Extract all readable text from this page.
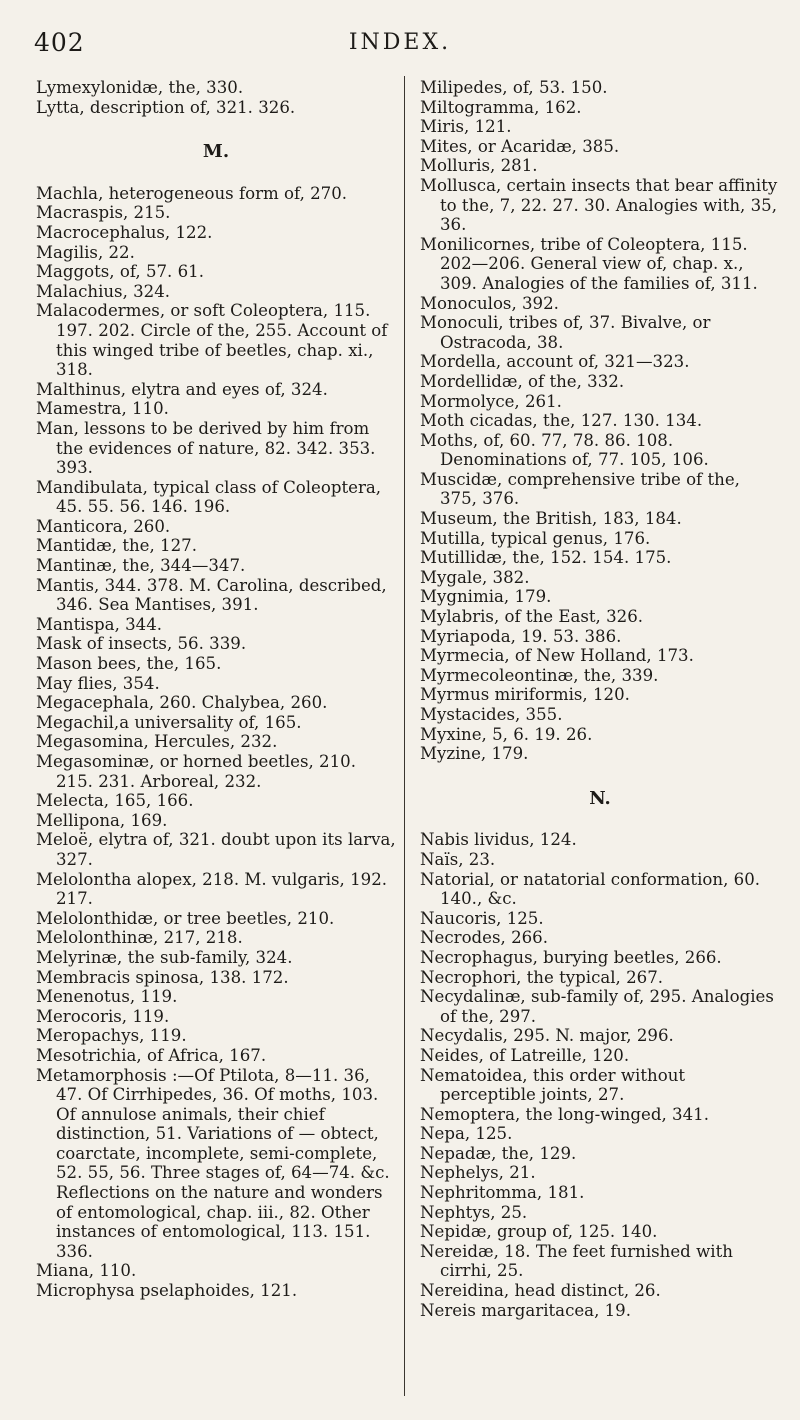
402	INDEX.

Lymexylonidæ, the, 330.

Lytta, description of, 321. 326.

M.

Machla, heterogeneous form of, 270.

Macraspis, 215.

Macrocephalus, 122.

Magilis, 22.

Maggots, of, 57. 61.

Malachius, 324.

Malacodermes, or soft Coleoptera, 115. 197. 202. Circle of the, 255. Account of this winged tribe of beetles, chap. xi., 318.

Malthinus, elytra and eyes of, 324.

Mamestra, 110.

Man, lessons to be derived by him from the evidences of nature, 82. 342. 353. 393.

Mandibulata, typical class of Coleoptera, 45. 55. 56. 146. 196.

Manticora, 260.

Mantidæ, the, 127.

Mantinæ, the, 344—347.

Mantis, 344. 378. M. Carolina, described, 346. Sea Mantises, 391.

Mantispa, 344.

Mask of insects, 56. 339.

Mason bees, the, 165.

May flies, 354.

Megacephala, 260. Chalybea, 260.

Megachil,a universality of, 165.

Megasomina, Hercules, 232.

Megasominæ, or horned beetles, 210. 215. 231. Arboreal, 232.

Melecta, 165, 166.

Mellipona, 169.

Meloë, elytra of, 321. doubt upon its larva, 327.

Melolontha alopex, 218. M. vulgaris, 192. 217.

Melolonthidæ, or tree beetles, 210.

Melolonthinæ, 217, 218.

Melyrinæ, the sub-family, 324.

Membracis spinosa, 138. 172.

Menenotus, 119.

Merocoris, 119.

Meropachys, 119.

Mesotrichia, of Africa, 167.

Metamorphosis :—Of Ptilota, 8—11. 36, 47. Of Cirrhipedes, 36. Of moths, 103. Of annulose animals, their chief distinction, 51. Variations of — obtect, coarctate, incomplete, semi-complete, 52. 55, 56. Three stages of, 64—74. &c. Reflections on the nature and wonders of entomological, chap. iii., 82. Other instances of entomological, 113. 151. 336.

Miana, 110.

Microphysa pselaphoides, 121.

Milipedes, of, 53. 150.

Miltogramma, 162.

Miris, 121.

Mites, or Acaridæ, 385.

Molluris, 281.

Mollusca, certain insects that bear affinity to the, 7, 22. 27. 30. Analogies with, 35, 36.

Monilicornes, tribe of Coleoptera, 115. 202—206. General view of, chap. x., 309. Analogies of the families of, 311.

Monoculos, 392.

Monoculi, tribes of, 37. Bivalve, or Ostracoda, 38.

Mordella, account of, 321—323.

Mordellidæ, of the, 332.

Mormolyce, 261.

Moth cicadas, the, 127. 130. 134.

Moths, of, 60. 77, 78. 86. 108. Denominations of, 77. 105, 106.

Muscidæ, comprehensive tribe of the, 375, 376.

Museum, the British, 183, 184.

Mutilla, typical genus, 176.

Mutillidæ, the, 152. 154. 175.

Mygale, 382.

Mygnimia, 179.

Mylabris, of the East, 326.

Myriapoda, 19. 53. 386.

Myrmecia, of New Holland, 173.

Myrmecoleontinæ, the, 339.

Myrmus miriformis, 120.

Mystacides, 355.

Myxine, 5, 6. 19. 26.

Myzine, 179.

N.

Nabis lividus, 124.

Naïs, 23.

Natorial, or natatorial conformation, 60. 140., &c.

Naucoris, 125.

Necrodes, 266.

Necrophagus, burying beetles, 266.

Necrophori, the typical, 267.

Necydalinæ, sub-family of, 295. Analogies of the, 297.

Necydalis, 295. N. major, 296.

Neides, of Latreille, 120.

Nematoidea, this order without perceptible joints, 27.

Nemoptera, the long-winged, 341.

Nepa, 125.

Nepadæ, the, 129.

Nephelys, 21.

Nephritomma, 181.

Nephtys, 25.

Nepidæ, group of, 125. 140.

Nereidæ, 18. The feet furnished with cirrhi, 25.

Nereidina, head distinct, 26.

Nereis margaritacea, 19.
